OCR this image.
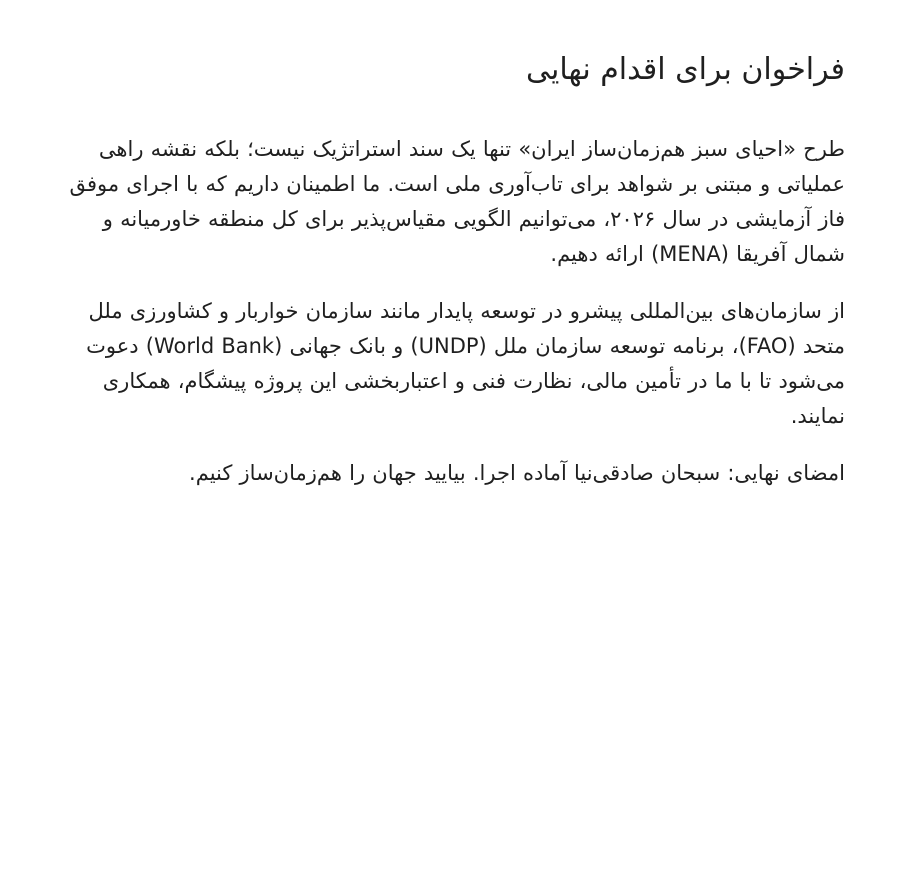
فراخوان برای اقدام نهایی

طرح «احیای سبز هم‌زمان‌ساز ایران» تنها یک سند استراتژیک نیست؛ بلکه نقشه راهی عملیاتی و مبتنی بر شواهد برای تاب‌آوری ملی است. ما اطمینان داریم که با اجرای موفق فاز آزمایشی در سال ۲۰۲۶، می‌توانیم الگویی مقیاس‌پذیر برای کل منطقه خاورمیانه و شمال آفریقا (MENA) ارائه دهیم.

از سازمان‌های بین‌المللی پیشرو در توسعه پایدار مانند سازمان خواربار و کشاورزی ملل متحد (FAO)، برنامه توسعه سازمان ملل (UNDP) و بانک جهانی (World Bank) دعوت می‌شود تا با ما در تأمین مالی، نظارت فنی و اعتباربخشی این پروژه پیشگام، همکاری نمایند.

امضای نهایی: سبحان صادقی‌نیا آماده اجرا. بیایید جهان را هم‌زمان‌ساز کنیم.
